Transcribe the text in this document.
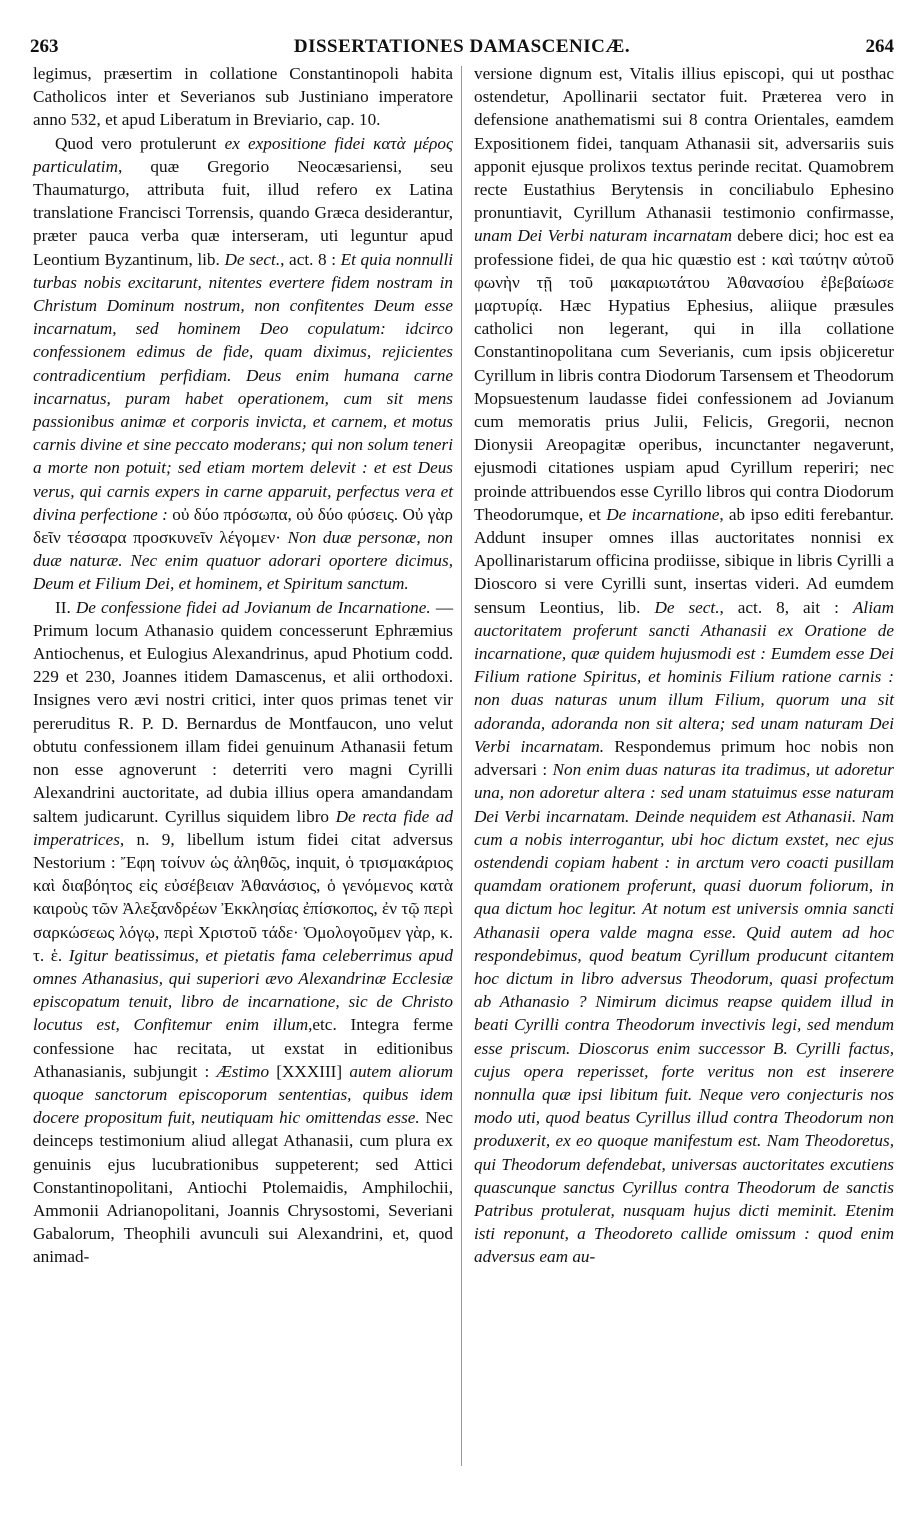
263	DISSERTATIONES DAMASCENICÆ.	264

legimus, præsertim in collatione Constantinopoli habita Catholicos inter et Severianos sub Justiniano imperatore anno 532, et apud Liberatum in Breviario, cap. 10.

Quod vero protulerunt ex expositione fidei κατὰ μέρος particulatim, quæ Gregorio Neocæsariensi, seu Thaumaturgo, attributa fuit, illud refero ex Latina translatione Francisci Torrensis, quando Græca desiderantur, præter pauca verba quæ interseram, uti leguntur apud Leontium Byzantinum, lib. De sect., act. 8 : Et quia nonnulli turbas nobis excitarunt, nitentes evertere fidem nostram in Christum Dominum nostrum, non confitentes Deum esse incarnatum, sed hominem Deo copulatum: idcirco confessionem edimus de fide, quam diximus, rejicientes contradicentium perfidiam. Deus enim humana carne incarnatus, puram habet operationem, cum sit mens passionibus animæ et corporis invicta, et carnem, et motus carnis divine et sine peccato moderans; qui non solum teneri a morte non potuit; sed etiam mortem delevit : et est Deus verus, qui carnis expers in carne apparuit, perfectus vera et divina perfectione : οὐ δύο πρόσωπα, οὐ δύο φύσεις. Οὐ γὰρ δεῖν τέσσαρα προσκυνεῖν λέγομεν· Non duæ personæ, non duæ naturæ. Nec enim quatuor adorari oportere dicimus, Deum et Filium Dei, et hominem, et Spiritum sanctum.

II. De confessione fidei ad Jovianum de Incarnatione. — Primum locum Athanasio quidem concesserunt Ephræmius Antiochenus, et Eulogius Alexandrinus, apud Photium codd. 229 et 230, Joannes itidem Damascenus, et alii orthodoxi. Insignes vero ævi nostri critici, inter quos primas tenet vir pereruditus R. P. D. Bernardus de Montfaucon, uno velut obtutu confessionem illam fidei genuinum Athanasii fetum non esse agnoverunt : deterriti vero magni Cyrilli Alexandrini auctoritate, ad dubia illius opera amandandam saltem judicarunt. Cyrillus siquidem libro De recta fide ad imperatrices, n. 9, libellum istum fidei citat adversus Nestorium : Ἔφη τοίνυν ὡς ἀληθῶς, inquit, ὁ τρισμακάριος καὶ διαβόητος εἰς εὐσέβειαν Ἀθανάσιος, ὁ γενόμενος κατὰ καιροὺς τῶν Ἀλεξανδρέων Ἐκκλησίας ἐπίσκοπος, ἐν τῷ περὶ σαρκώσεως λόγῳ, περὶ Χριστοῦ τάδε· Ὁμολογοῦμεν γὰρ, κ. τ. ἑ. Igitur beatissimus, et pietatis fama celeberrimus apud omnes Athanasius, qui superiori ævo Alexandrinæ Ecclesiæ episcopatum tenuit, libro de incarnatione, sic de Christo locutus est, Confitemur enim illum,etc. Integra ferme confessione hac recitata, ut exstat in editionibus Athanasianis, subjungit : Æstimo [XXXIII] autem aliorum quoque sanctorum episcoporum sententias, quibus idem docere propositum fuit, neutiquam hic omittendas esse. Nec deinceps testimonium aliud allegat Athanasii, cum plura ex genuinis ejus lucubrationibus suppeterent; sed Attici Constantinopolitani, Antiochi Ptolemaidis, Amphilochii, Ammonii Adrianopolitani, Joannis Chrysostomi, Severiani Gabalorum, Theophili avunculi sui Alexandrini, et, quod animad-

versione dignum est, Vitalis illius episcopi, qui ut posthac ostendetur, Apollinarii sectator fuit. Præterea vero in defensione anathematismi sui 8 contra Orientales, eamdem Expositionem fidei, tanquam Athanasii sit, adversariis suis apponit ejusque prolixos textus perinde recitat. Quamobrem recte Eustathius Berytensis in conciliabulo Ephesino pronuntiavit, Cyrillum Athanasii testimonio confirmasse, unam Dei Verbi naturam incarnatam debere dici; hoc est ea professione fidei, de qua hic quæstio est : καὶ ταύτην αὐτοῦ φωνὴν τῇ τοῦ μακαριωτάτου Ἀθανασίου ἐβεβαίωσε μαρτυρίᾳ. Hæc Hypatius Ephesius, aliique præsules catholici non legerant, qui in illa collatione Constantinopolitana cum Severianis, cum ipsis objiceretur Cyrillum in libris contra Diodorum Tarsensem et Theodorum Mopsuestenum laudasse fidei confessionem ad Jovianum cum memoratis prius Julii, Felicis, Gregorii, necnon Dionysii Areopagitæ operibus, incunctanter negaverunt, ejusmodi citationes uspiam apud Cyrillum reperiri; nec proinde attribuendos esse Cyrillo libros qui contra Diodorum Theodorumque, et De incarnatione, ab ipso editi ferebantur. Addunt insuper omnes illas auctoritates nonnisi ex Apollinaristarum officina prodiisse, sibique in libris Cyrilli a Dioscoro si vere Cyrilli sunt, insertas videri. Ad eumdem sensum Leontius, lib. De sect., act. 8, ait : Aliam auctoritatem proferunt sancti Athanasii ex Oratione de incarnatione, quæ quidem hujusmodi est : Eumdem esse Dei Filium ratione Spiritus, et hominis Filium ratione carnis : non duas naturas unum illum Filium, quorum una sit adoranda, adoranda non sit altera; sed unam naturam Dei Verbi incarnatam. Respondemus primum hoc nobis non adversari : Non enim duas naturas ita tradimus, ut adoretur una, non adoretur altera : sed unam statuimus esse naturam Dei Verbi incarnatam. Deinde nequidem est Athanasii. Nam cum a nobis interrogantur, ubi hoc dictum exstet, nec ejus ostendendi copiam habent : in arctum vero coacti pusillam quamdam orationem proferunt, quasi duorum foliorum, in qua dictum hoc legitur. At notum est universis omnia sancti Athanasii opera valde magna esse. Quid autem ad hoc respondebimus, quod beatum Cyrillum producunt citantem hoc dictum in libro adversus Theodorum, quasi profectum ab Athanasio ? Nimirum dicimus reapse quidem illud in beati Cyrilli contra Theodorum invectivis legi, sed mendum esse priscum. Dioscorus enim successor B. Cyrilli factus, cujus opera reperisset, forte veritus non est inserere nonnulla quæ ipsi libitum fuit. Neque vero conjecturis nos modo uti, quod beatus Cyrillus illud contra Theodorum non produxerit, ex eo quoque manifestum est. Nam Theodoretus, qui Theodorum defendebat, universas auctoritates excutiens quascunque sanctus Cyrillus contra Theodorum de sanctis Patribus protulerat, nusquam hujus dicti meminit. Etenim isti reponunt, a Theodoreto callide omissum : quod enim adversus eam au-
